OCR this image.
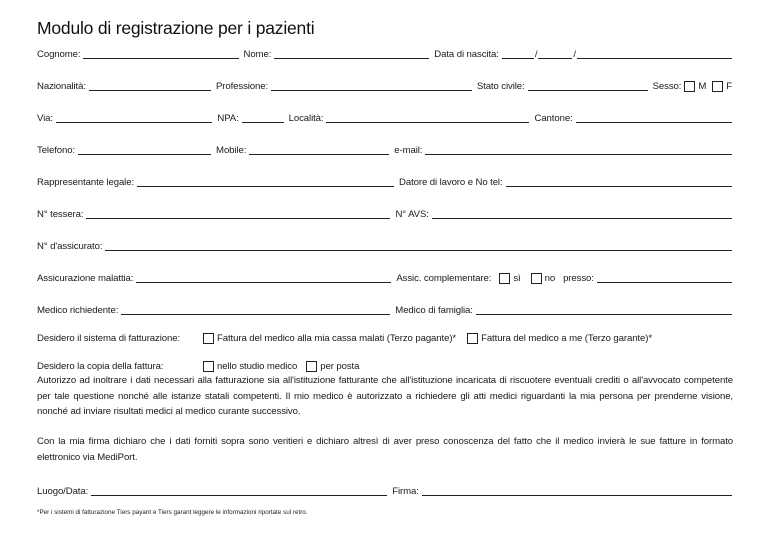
Modulo di registrazione per i pazienti
Cognome:	Nome:	Data di nascita:	/	/
Nazionalità:	Professione:	Stato civile:	Sesso: M F
Via:	NPA:	Località:	Cantone:
Telefono:	Mobile:	e-mail:
Rappresentante legale:	Datore di lavoro e No tel:
N° tessera:	N° AVS:
N° d'assicurato:
Assicurazione malattia:	Assic. complementare: sì	no presso:
Medico richiedente:	Medico di famiglia:
Desidero il sistema di fatturazione:	Fattura del medico alla mia cassa malati (Terzo pagante)*	Fattura del medico a me (Terzo garante)*
Desidero la copia della fattura:	nello studio medico per posta
Autorizzo ad inoltrare i dati necessari alla fatturazione sia all'istituzione fatturante che all'istituzione incaricata di riscuotere eventuali crediti o all'avvocato competente per tale questione nonché alle istanze statali competenti. Il mio medico è autorizzato a richiedere gli atti medici riguardanti la mia persona per prenderne visione, nonché ad inviare risultati medici al medico curante successivo.
Con la mia firma dichiaro che i dati forniti sopra sono veritieri e dichiaro altresì di aver preso conoscenza del fatto che il medico invierà le sue fatture in formato elettronico via MediPort.
Luogo/Data:	Firma:
*Per i sistemi di fatturazione Tiers payant e Tiers garant leggere le informazioni riportate sul retro.
